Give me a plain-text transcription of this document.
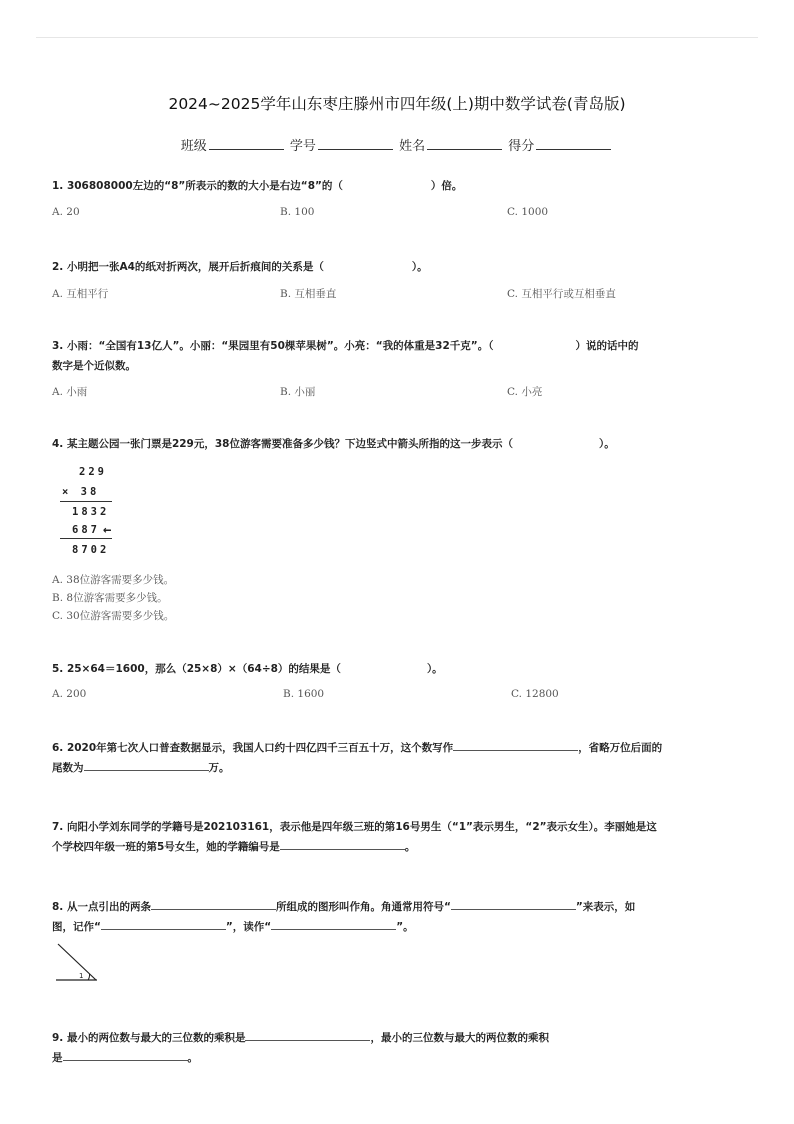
2024~2025学年山东枣庄滕州市四年级(上)期中数学试卷(青岛版)
班级	学号	姓名	得分
1. 306808000左边的“8”所表示的数的大小是右边“8”的（	）倍。
A. 20	B. 100	C. 1000
2. 小明把一张A4的纸对折两次，展开后折痕间的关系是（	）。
A. 互相平行	B. 互相垂直	C. 互相平行或互相垂直
3. 小雨：“全国有13亿人”。小丽：“果园里有50棵苹果树”。小亮：“我的体重是32千克”。（	）说的话中的
数字是个近似数。
A. 小雨	B. 小丽	C. 小亮
4. 某主题公园一张门票是229元，38位游客需要准备多少钱？下边竖式中箭头所指的这一步表示（	）。
229
× 38
1832
687 ←
8702
A. 38位游客需要多少钱。
B. 8位游客需要多少钱。
C. 30位游客需要多少钱。
5. 25×64＝1600，那么（25×8）×（64÷8）的结果是（	）。
A. 200	B. 1600	C. 12800
6. 2020年第七次人口普查数据显示，我国人口约十四亿四千三百五十万，这个数写作	，省略万位后面的
尾数为	万。
7. 向阳小学刘东同学的学籍号是202103161，表示他是四年级三班的第16号男生（“1”表示男生，“2”表示女生）。李丽她是这
个学校四年级一班的第5号女生，她的学籍编号是	。
8. 从一点引出的两条	所组成的图形叫作角。角通常用符号“	”来表示，如
图，记作“	”，读作“	”。
1
9. 最小的两位数与最大的三位数的乘积是	，最小的三位数与最大的两位数的乘积
是	。
